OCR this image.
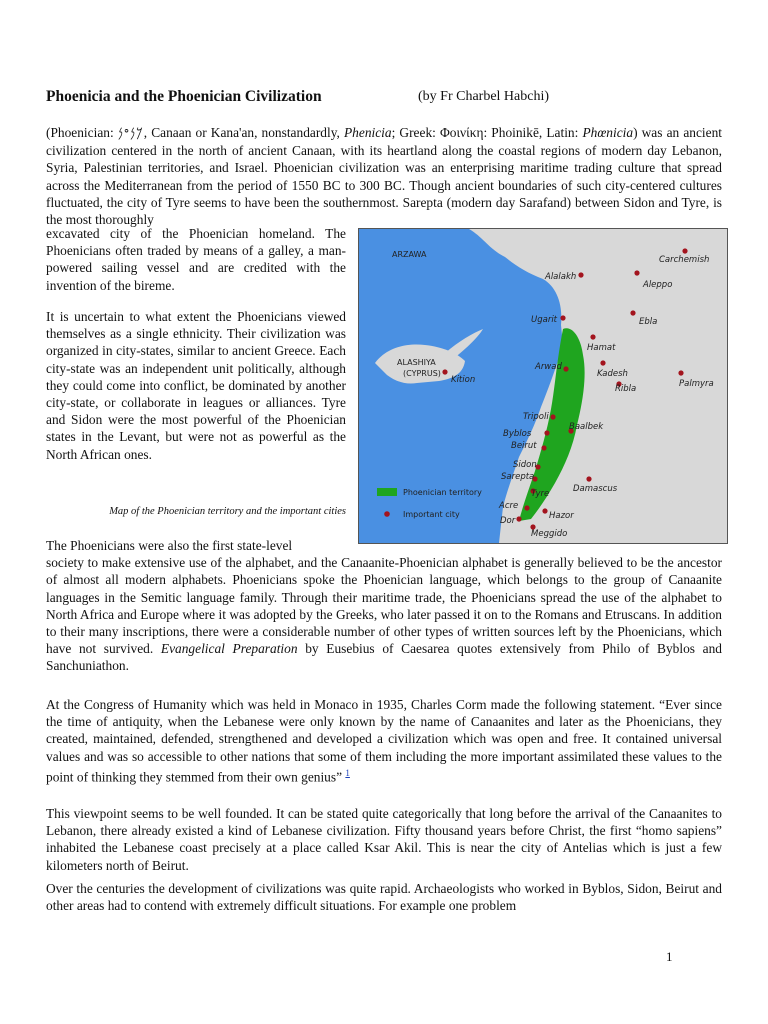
Phoenicia and the Phoenician Civilization	(by Fr Charbel Habchi)

(Phoenician: 𐤊𐤍𐤏𐤍, Canaan or Kana'an, nonstandardly, Phenicia; Greek: Φοινίκη: Phoinikē, Latin: Phœnicia) was an ancient civilization centered in the north of ancient Canaan, with its heartland along the coastal regions of modern day Lebanon, Syria, Palestinian territories, and Israel. Phoenician civilization was an enterprising maritime trading culture that spread across the Mediterranean from the period of 1550 BC to 300 BC. Though ancient boundaries of such city-centered cultures fluctuated, the city of Tyre seems to have been the southernmost. Sarepta (modern day Sarafand) between Sidon and Tyre, is the most thoroughly

excavated city of the Phoenician homeland. The Phoenicians often traded by means of a galley, a man-powered sailing vessel and are credited with the invention of the bireme.

It is uncertain to what extent the Phoenicians viewed themselves as a single ethnicity. Their civilization was organized in city-states, similar to ancient Greece. Each city-state was an independent unit politically, although they could come into conflict, be dominated by another city-state, or collaborate in leagues or alliances. Tyre and Sidon were the most powerful of the Phoenician states in the Levant, but were not as powerful as the North African ones.

Map of the Phoenician territory and the important cities
ARZAWA
ALASHIYA
(CYPRUS)
Carchemish
Alalakh
Aleppo
Ugarit	Ebla
Hamat
Arwad
Kadesh
Ribla	Palmyra
Kition
Tripoli
Byblos
Baalbek
Beirut
Sidon
Sarepta
Damascus
Tyre
Acre
Hazor
Dor
Meggido
Phoenician territory
Important city
The Phoenicians were also the first state-level
society to make extensive use of the alphabet, and the Canaanite-Phoenician alphabet is generally believed to be the ancestor of almost all modern alphabets. Phoenicians spoke the Phoenician language, which belongs to the group of Canaanite languages in the Semitic language family. Through their maritime trade, the Phoenicians spread the use of the alphabet to North Africa and Europe where it was adopted by the Greeks, who later passed it on to the Romans and Etruscans. In addition to their many inscriptions, there were a considerable number of other types of written sources left by the Phoenicians, which have not survived. Evangelical Preparation by Eusebius of Caesarea quotes extensively from Philo of Byblos and Sanchuniathon.

At the Congress of Humanity which was held in Monaco in 1935, Charles Corm made the following statement. “Ever since the time of antiquity, when the Lebanese were only known by the name of Canaanites and later as the Phoenicians, they created, maintained, defended, strengthened and developed a civilization which was open and free. It contained universal values and was so accessible to other nations that some of them including the more important assimilated these values to the point of thinking they stemmed from their own genius” $^1$

This viewpoint seems to be well founded. It can be stated quite categorically that long before the arrival of the Canaanites to Lebanon, there already existed a kind of Lebanese civilization. Fifty thousand years before Christ, the first “homo sapiens” inhabited the Lebanese coast precisely at a place called Ksar Akil. This is near the city of Antelias which is just a few kilometers north of Beirut.

Over the centuries the development of civilizations was quite rapid. Archaeologists who worked in Byblos, Sidon, Beirut and other areas had to contend with extremely difficult situations. For example one problem

1
